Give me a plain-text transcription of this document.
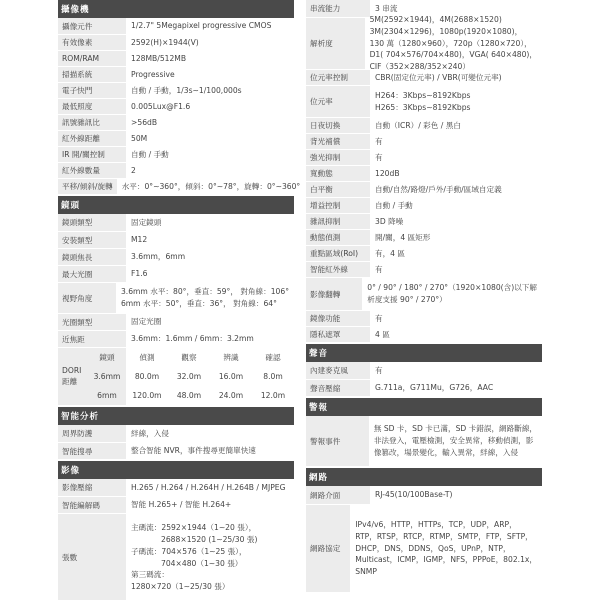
攝像機
攝像元件	1/2.7" 5Megapixel progressive CMOS
有效像素	2592(H)×1944(V)
ROM/RAM	128MB/512MB
掃描系統	Progressive
電子快門	自動 / 手動，1/3s~1/100,000s
最低照度	0.005Lux@F1.6
訊號雜訊比	>56dB
紅外線距離	50M
IR 開/關控制	自動 / 手動
紅外線數量	2
平移/傾斜/旋轉	水平：0°~360°，傾斜：0°~78°，旋轉：0°~360°
鏡頭
鏡頭類型	固定鏡頭
安裝類型	M12
鏡頭焦長	3.6mm，6mm
最大光圈	F1.6
視野角度
3.6mm 水平：80°，垂直：59°， 對角線：106°
6mm 水平：50°，垂直：36°， 對角線：64°
光圈類型	固定光圈
近焦距	3.6mm：1.6mm / 6mm：3.2mm
DORI
距離
鏡頭	偵測	觀察	辨識	確認
3.6mm	80.0m	32.0m	16.0m	8.0m
6mm	120.0m	48.0m	24.0m	12.0m
智能分析
周界防護	絆線，入侵
智能搜尋	整合智能 NVR，事件搜尋更簡單快速
影像
影像壓縮	H.265 / H.264 / H.264H / H.264B / MJPEG
智能編解碼	智能 H.265+ / 智能 H.264+
張數
主碼流：2592×1944（1~20 張），
2688×1520 (1~25/30 張)
子碼流：704×576（1~25 張），
704×480（1~30 張）
第三碼流：
1280×720（1~25/30 張）
串流能力	3 串流
解析度
5M(2592×1944)，4M(2688×1520)
3M(2304×1296)，1080p(1920×1080)，
130 萬（1280×960），720p（1280×720），
D1( 704×576/704×480)，VGA( 640×480)，
CIF（352×288/352×240）
位元率控制	CBR(固定位元率) / VBR(可變位元率)
位元率
H264：3Kbps~8192Kbps
H265：3Kbps~8192Kbps
日夜切換	自動（ICR）/ 彩色 / 黑白
背光補償	有
強光抑制	有
寬動態	120dB
白平衡	自動/自然/路燈/戶外/手動/區域自定義
增益控制	自動 / 手動
雜訊抑制	3D 降噪
動態偵測	開/關，4 區矩形
重點區域(RoI)	有，4 區
智能紅外線	有
影像翻轉
0° / 90° / 180° / 270°（1920×1080(含)以下解
析度支援 90° / 270°）
鏡像功能	有
隱私遮罩	4 區
聲音
內建麥克風	有
聲音壓縮	G.711a，G711Mu，G726，AAC
警報
警報事件
無 SD 卡，SD 卡已滿，SD 卡錯誤，網路斷線，
非法登入，電壓檢測，安全異常，移動偵測，影
像篡改，場景變化，輸入異常，絆線，入侵
網路
網路介面	RJ-45(10/100Base-T)
網路協定
IPv4/v6，HTTP，HTTPs，TCP，UDP，ARP，
RTP，RTSP，RTCP，RTMP，SMTP，FTP，SFTP，
DHCP，DNS，DDNS，QoS，UPnP，NTP，
Multicast，ICMP，IGMP，NFS，PPPoE，802.1x，
SNMP
